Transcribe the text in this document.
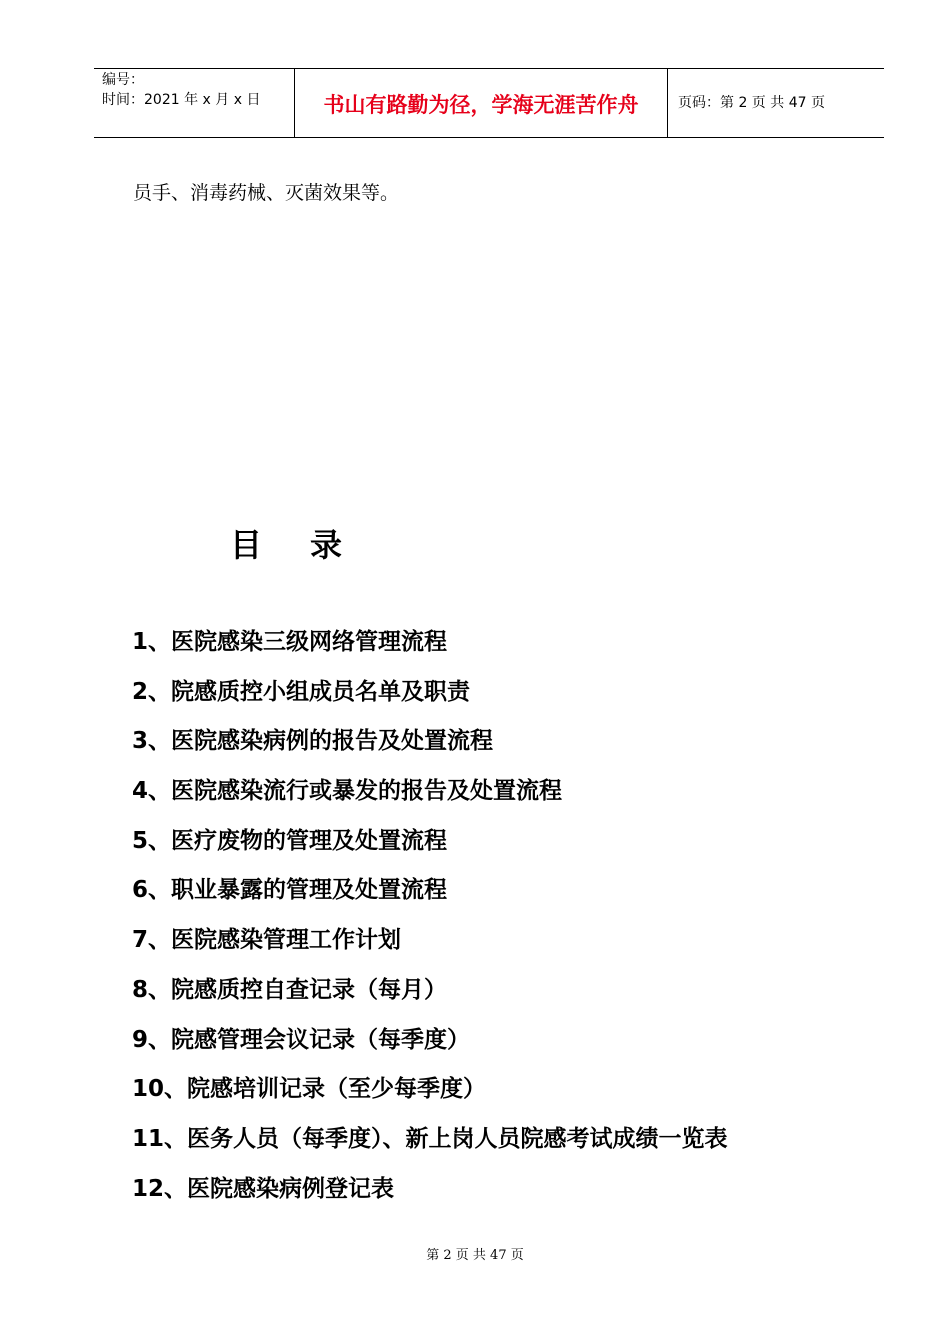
编号：
时间：2021 年 x 月 x 日	书山有路勤为径，学海无涯苦作舟	页码：第 2 页 共 47 页
员手、消毒药械、灭菌效果等。
目录
1、医院感染三级网络管理流程
2、院感质控小组成员名单及职责
3、医院感染病例的报告及处置流程
4、医院感染流行或暴发的报告及处置流程
5、医疗废物的管理及处置流程
6、职业暴露的管理及处置流程
7、医院感染管理工作计划
8、院感质控自查记录（每月）
9、院感管理会议记录（每季度）
10、院感培训记录（至少每季度）
11、医务人员（每季度）、新上岗人员院感考试成绩一览表
12、医院感染病例登记表
第 2 页 共 47 页
